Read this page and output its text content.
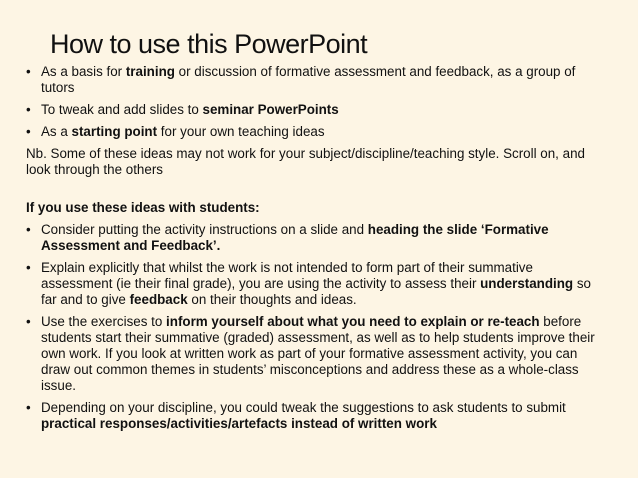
How to use this PowerPoint
• As a basis for training or discussion of formative assessment and feedback, as a group of tutors
• To tweak and add slides to seminar PowerPoints
• As a starting point for your own teaching ideas
Nb. Some of these ideas may not work for your subject/discipline/teaching style. Scroll on, and look through the others
If you use these ideas with students:
• Consider putting the activity instructions on a slide and heading the slide ‘Formative Assessment and Feedback’.
• Explain explicitly that whilst the work is not intended to form part of their summative assessment (ie their final grade), you are using the activity to assess their understanding so far and to give feedback on their thoughts and ideas.
• Use the exercises to inform yourself about what you need to explain or re-teach before students start their summative (graded) assessment, as well as to help students improve their own work. If you look at written work as part of your formative assessment activity, you can draw out common themes in students’ misconceptions and address these as a whole-class issue.
• Depending on your discipline, you could tweak the suggestions to ask students to submit practical responses/activities/artefacts instead of written work
